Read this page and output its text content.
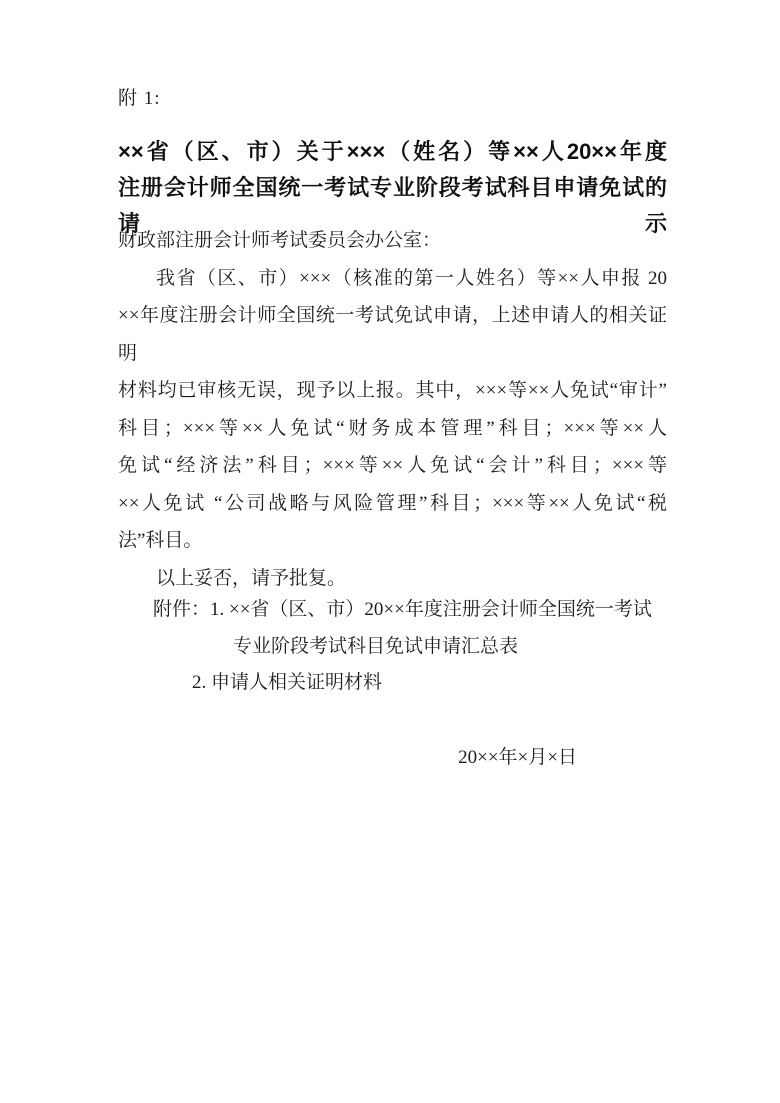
附 1:
××省（区、市）关于×××（姓名）等××人20××年度
注册会计师全国统一考试专业阶段考试科目申请免试的请示
财政部注册会计师考试委员会办公室：
我省（区、市）×××（核准的第一人姓名）等××人申报 20
××年度注册会计师全国统一考试免试申请，上述申请人的相关证明
材料均已审核无误，现予以上报。其中，×××等××人免试“审计”
科目；×××等××人免试“财务成本管理”科目；×××等××人
免试“经济法”科目；×××等××人免试“会计”科目；×××等
××人免试 “公司战略与风险管理”科目；×××等××人免试“税
法”科目。
以上妥否，请予批复。
附件：1. ××省（区、市）20××年度注册会计师全国统一考试
专业阶段考试科目免试申请汇总表
2. 申请人相关证明材料
20××年×月×日
